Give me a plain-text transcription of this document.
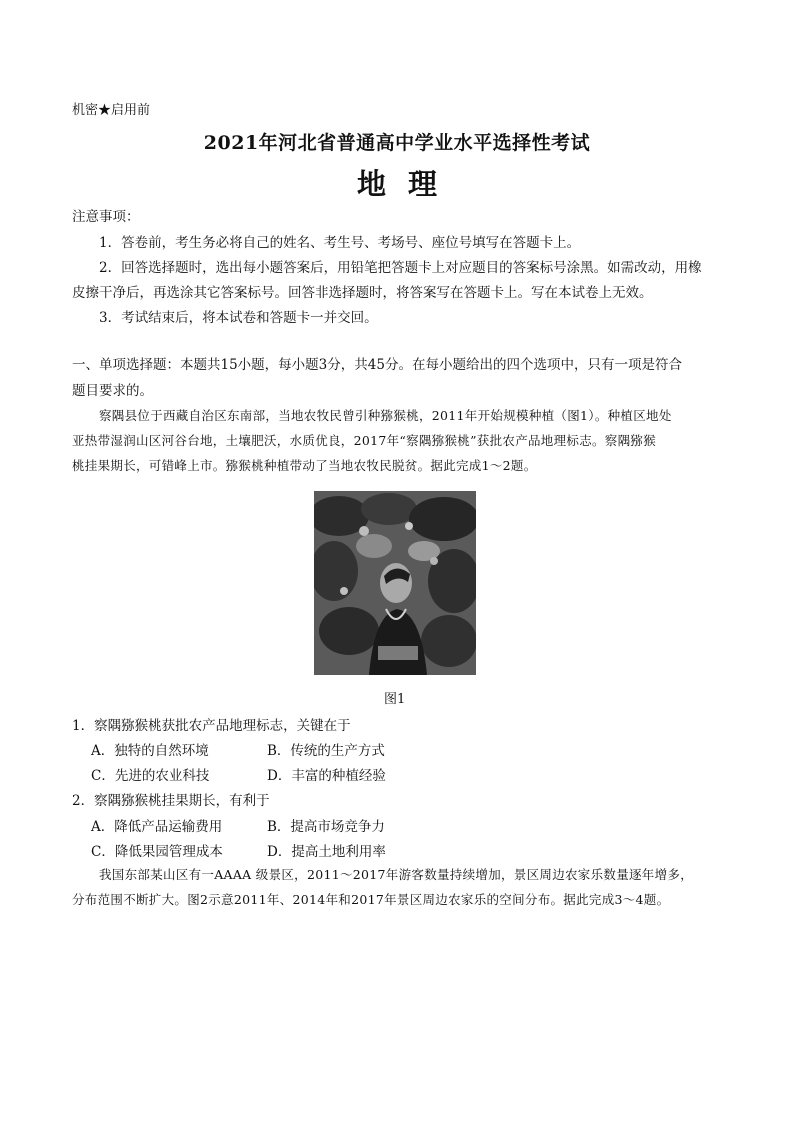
机密★启用前
2021年河北省普通高中学业水平选择性考试
地理
注意事项：
1．答卷前，考生务必将自己的姓名、考生号、考场号、座位号填写在答题卡上。
2．回答选择题时，选出每小题答案后，用铅笔把答题卡上对应题目的答案标号涂黑。如需改动，用橡
皮擦干净后，再选涂其它答案标号。回答非选择题时，将答案写在答题卡上。写在本试卷上无效。
3．考试结束后，将本试卷和答题卡一并交回。
一、单项选择题：本题共15小题，每小题3分，共45分。在每小题给出的四个选项中，只有一项是符合
题目要求的。
察隅县位于西藏自治区东南部，当地农牧民曾引种猕猴桃，2011年开始规模种植（图1）。种植区地处
亚热带湿润山区河谷台地，土壤肥沃，水质优良，2017年“察隅猕猴桃”获批农产品地理标志。察隅猕猴
桃挂果期长，可错峰上市。猕猴桃种植带动了当地农牧民脱贫。据此完成1～2题。
图1
1．察隅猕猴桃获批农产品地理标志，关键在于
A．独特的自然环境	B．传统的生产方式
C．先进的农业科技	D．丰富的种植经验
2．察隅猕猴桃挂果期长，有利于
A．降低产品运输费用	B．提高市场竞争力
C．降低果园管理成本	D．提高土地利用率
我国东部某山区有一AAAA 级景区，2011～2017年游客数量持续增加，景区周边农家乐数量逐年增多，
分布范围不断扩大。图2示意2011年、2014年和2017年景区周边农家乐的空间分布。据此完成3～4题。
